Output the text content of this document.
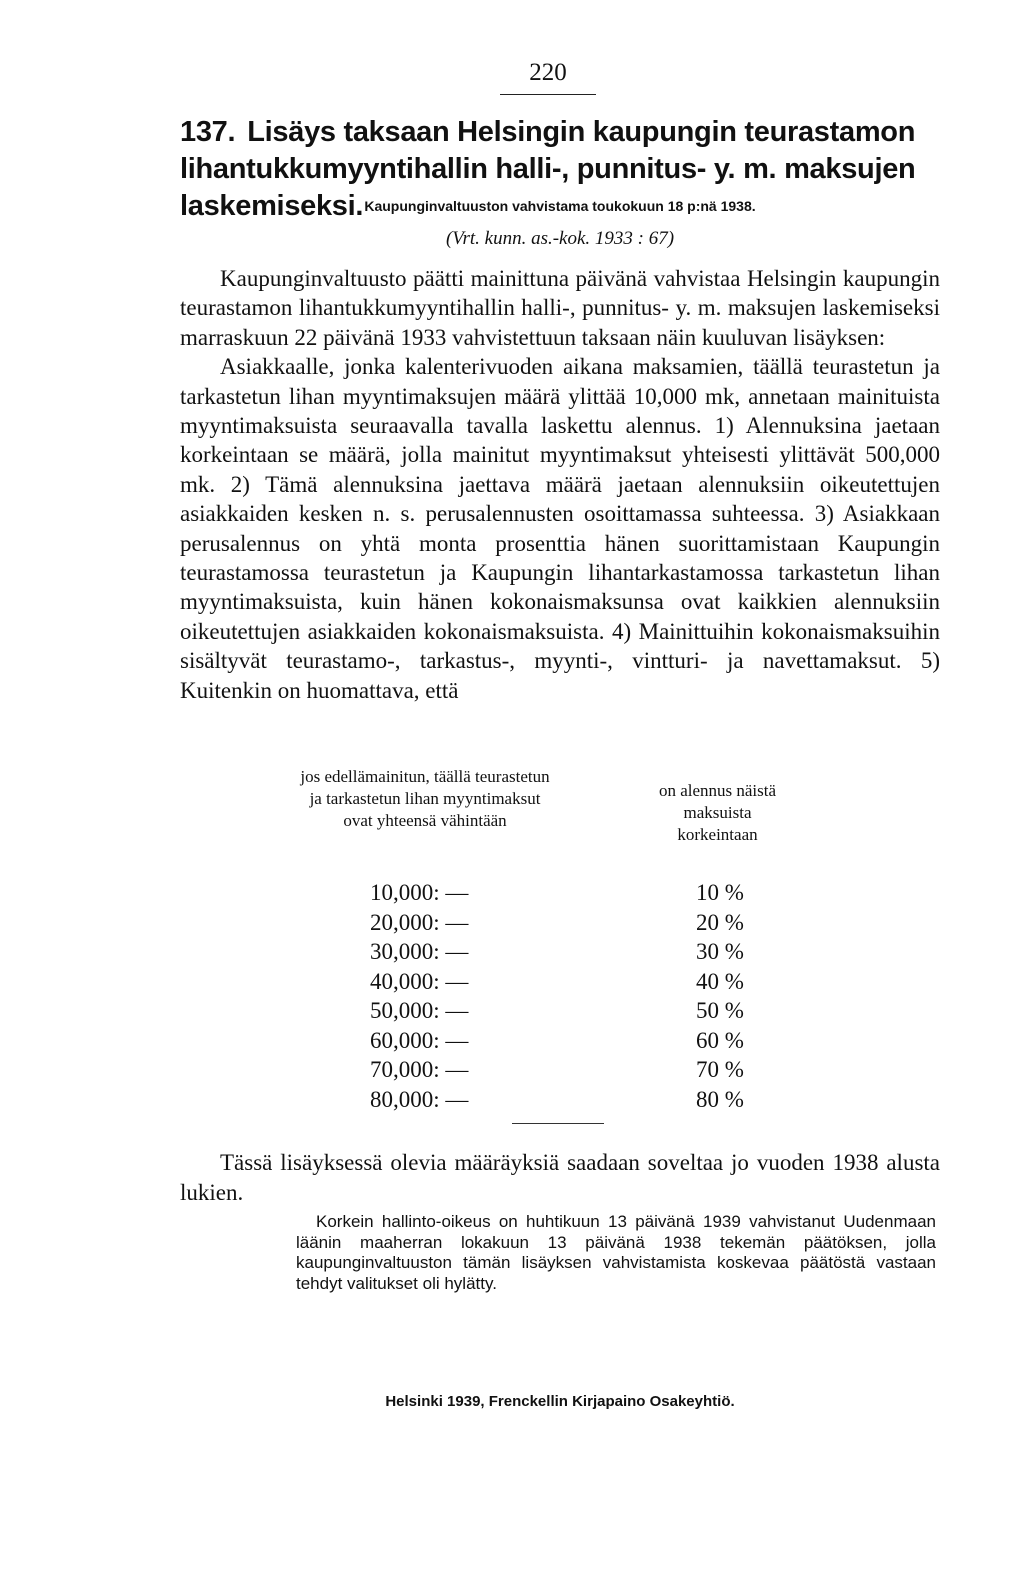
220
137. Lisäys taksaan Helsingin kaupungin teurastamon lihantukkumyyntihallin halli-, punnitus- y. m. maksujen laskemiseksi. Kaupunginvaltuuston vahvistama toukokuun 18 p:nä 1938.
(Vrt. kunn. as.-kok. 1933 : 67)

Kaupunginvaltuusto päätti mainittuna päivänä vahvistaa Helsingin kaupungin teurastamon lihantukkumyyntihallin halli-, punnitus- y. m. maksujen laskemiseksi marraskuun 22 päivänä 1933 vahvistettuun taksaan näin kuuluvan lisäyksen:

Asiakkaalle, jonka kalenterivuoden aikana maksamien, täällä teurastetun ja tarkastetun lihan myyntimaksujen määrä ylittää 10,000 mk, annetaan mainituista myyntimaksuista seuraavalla tavalla laskettu alennus. 1) Alennuksina jaetaan korkeintaan se määrä, jolla mainitut myyntimaksut yhteisesti ylittävät 500,000 mk. 2) Tämä alennuksina jaettava määrä jaetaan alennuksiin oikeutettujen asiakkaiden kesken n. s. perusalennusten osoittamassa suhteessa. 3) Asiakkaan perusalennus on yhtä monta prosenttia hänen suorittamistaan Kaupungin teurastamossa teurastetun ja Kaupungin lihantarkastamossa tarkastetun lihan myyntimaksuista, kuin hänen kokonaismaksunsa ovat kaikkien alennuksiin oikeutettujen asiakkaiden kokonaismaksuista. 4) Mainittuihin kokonaismaksuihin sisältyvät teurastamo-, tarkastus-, myynti-, vintturi- ja navettamaksut. 5) Kuitenkin on huomattava, että

jos edellämainitun, täällä teurastetun ja tarkastetun lihan myyntimaksut ovat yhteensä vähintään
on alennus näistä maksuista korkeintaan
10,000: —	10 %
20,000: —	20 %
30,000: —	30 %
40,000: —	40 %
50,000: —	50 %
60,000: —	60 %
70,000: —	70 %
80,000: —	80 %

Tässä lisäyksessä olevia määräyksiä saadaan soveltaa jo vuoden 1938 alusta lukien.

Korkein hallinto-oikeus on huhtikuun 13 päivänä 1939 vahvistanut Uudenmaan läänin maaherran lokakuun 13 päivänä 1938 tekemän päätöksen, jolla kaupunginvaltuuston tämän lisäyksen vahvistamista koskevaa päätöstä vastaan tehdyt valitukset oli hylätty.

Helsinki 1939, Frenckellin Kirjapaino Osakeyhtiö.
